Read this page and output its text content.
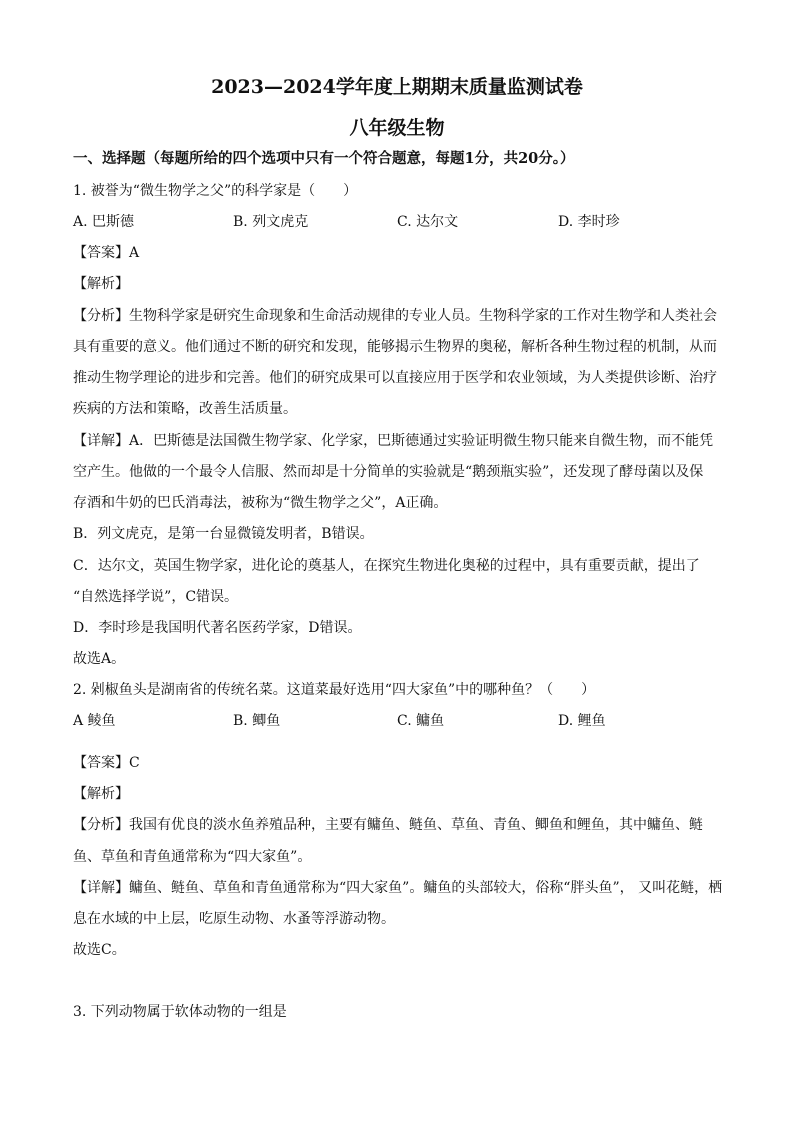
2023—2024学年度上期期末质量监测试卷
八年级生物
一、选择题（每题所给的四个选项中只有一个符合题意，每题1分，共20分。）
1. 被誉为“微生物学之父”的科学家是（　　）
A. 巴斯德	B. 列文虎克	C. 达尔文	D. 李时珍
【答案】A
【解析】
【分析】生物科学家是研究生命现象和生命活动规律的专业人员。生物科学家的工作对生物学和人类社会
具有重要的意义。他们通过不断的研究和发现，能够揭示生物界的奥秘，解析各种生物过程的机制，从而
推动生物学理论的进步和完善。他们的研究成果可以直接应用于医学和农业领域，为人类提供诊断、治疗
疾病的方法和策略，改善生活质量。
【详解】A．巴斯德是法国微生物学家、化学家，巴斯德通过实验证明微生物只能来自微生物，而不能凭
空产生。他做的一个最令人信服、然而却是十分简单的实验就是“鹅颈瓶实验”，还发现了酵母菌以及保
存酒和牛奶的巴氏消毒法，被称为“微生物学之父”，A正确。
B．列文虎克，是第一台显微镜发明者，B错误。
C．达尔文，英国生物学家，进化论的奠基人，在探究生物进化奥秘的过程中，具有重要贡献，提出了
“自然选择学说”，C错误。
D．李时珍是我国明代著名医药学家，D错误。
故选A。
2. 剁椒鱼头是湖南省的传统名菜。这道菜最好选用“四大家鱼”中的哪种鱼？（　　）
A 鲮鱼	B. 鲫鱼	C. 鳙鱼	D. 鲤鱼
【答案】C
【解析】
【分析】我国有优良的淡水鱼养殖品种，主要有鳙鱼、鲢鱼、草鱼、青鱼、鲫鱼和鲤鱼，其中鳙鱼、鲢
鱼、草鱼和青鱼通常称为“四大家鱼”。
【详解】鳙鱼、鲢鱼、草鱼和青鱼通常称为“四大家鱼”。鳙鱼的头部较大，俗称“胖头鱼”， 又叫花鲢，栖
息在水域的中上层，吃原生动物、水蚤等浮游动物。
故选C。
3. 下列动物属于软体动物的一组是
